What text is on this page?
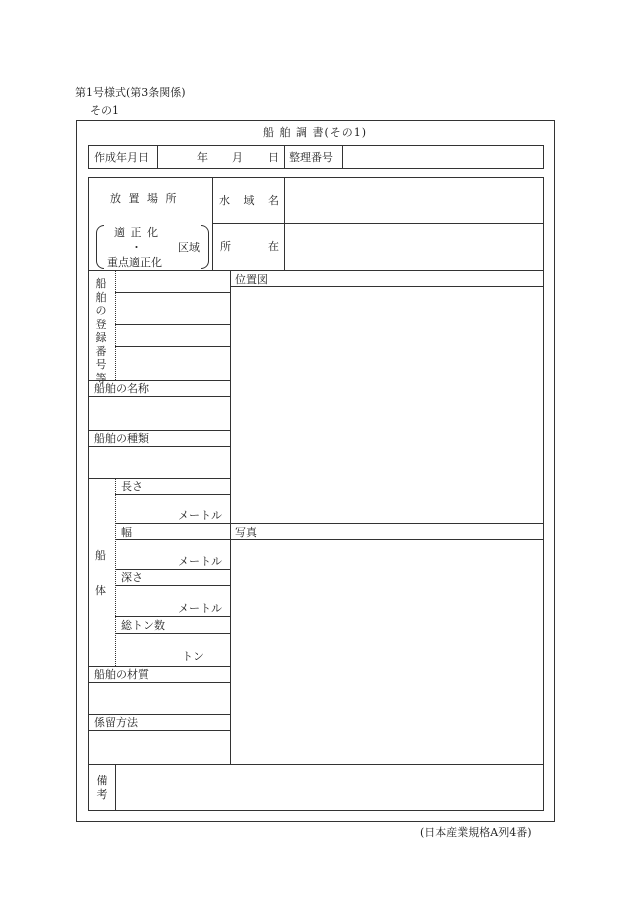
第1号様式(第3条関係)
その1
船 舶 調 書(その1)
作成年月日	年 月 日 整理番号
放 置 場 所
適 正 化
・	区域
重点適正化
水 域 名
所	在
位置図
写真
船舶の登録番号等
船舶の名称
船舶の種類
船
体
長さ
メートル
幅
メートル
深さ
メートル
総トン数
トン
船舶の材質
係留方法
備考
(日本産業規格A列4番)
